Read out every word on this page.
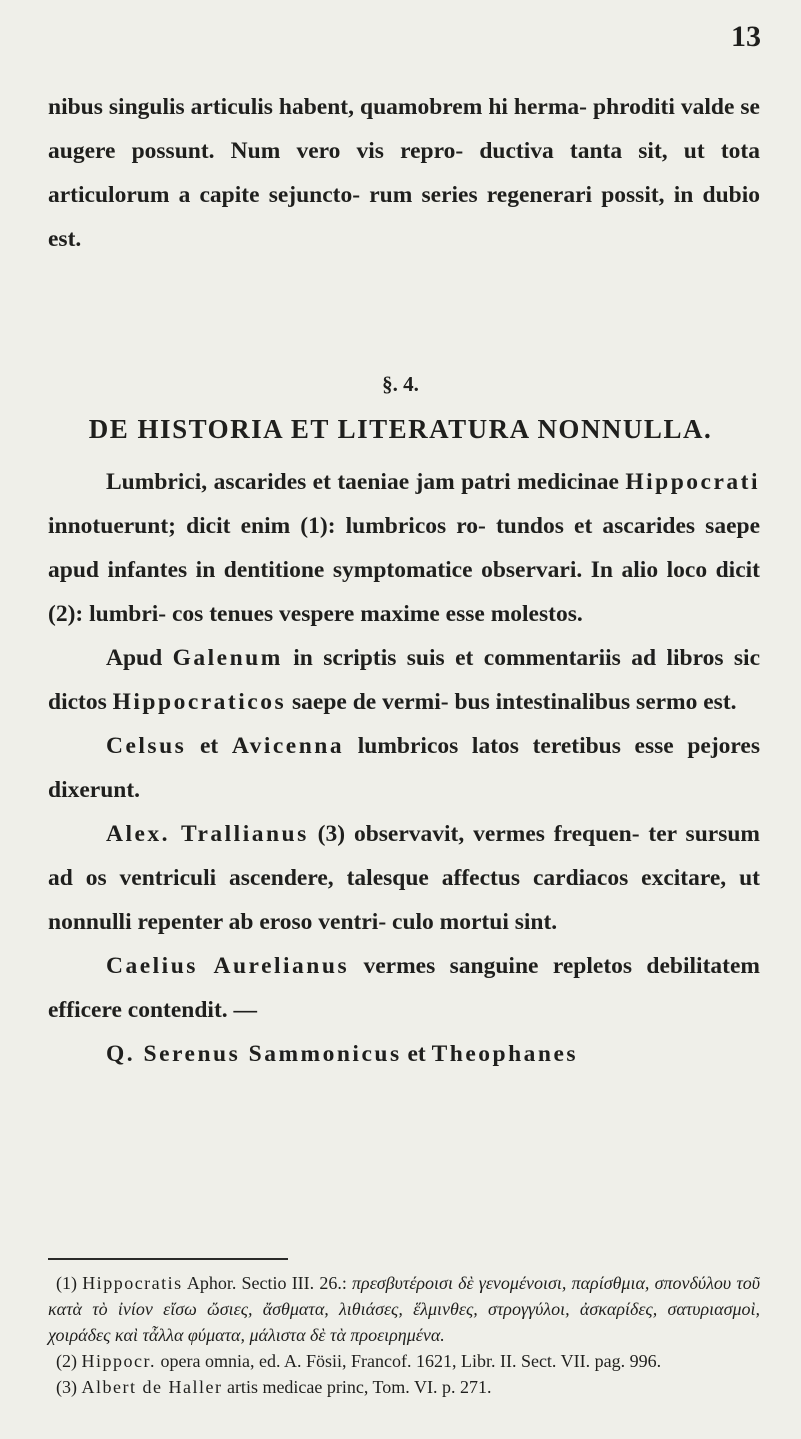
13

nibus singulis articulis habent, quamobrem hi herma- phroditi valde se augere possunt. Num vero vis repro- ductiva tanta sit, ut tota articulorum a capite sejuncto- rum series regenerari possit, in dubio est.

§. 4.
DE HISTORIA ET LITERATURA NONNULLA.

Lumbrici, ascarides et taeniae jam patri medicinae Hippocrati innotuerunt; dicit enim (1): lumbricos ro- tundos et ascarides saepe apud infantes in dentitione symptomatice observari. In alio loco dicit (2): lumbri- cos tenues vespere maxime esse molestos.

Apud Galenum in scriptis suis et commentariis ad libros sic dictos Hippocraticos saepe de vermi- bus intestinalibus sermo est.

Celsus et Avicenna lumbricos latos teretibus esse pejores dixerunt.

Alex. Trallianus (3) observavit, vermes frequen- ter sursum ad os ventriculi ascendere, talesque affectus cardiacos excitare, ut nonnulli repenter ab eroso ventri- culo mortui sint.

Caelius Aurelianus vermes sanguine repletos debilitatem efficere contendit. —

Q. Serenus Sammonicus et Theophanes

(1) Hippocratis Aphor. Sectio III. 26.: πρεσβυτέροισι δὲ γενομένοισι, παρίσθμια, σπονδύλου τοῦ κατὰ τὸ ἰνίον εἴσω ὤσιες, ἄσθματα, λιθιάσες, ἕλμινθες, στρογγύλοι, ἀσκαρίδες, σατυριασμοὶ, χοιράδες καὶ τἆλλα φύματα, μάλιστα δὲ τὰ προειρημένα.

(2) Hippocr. opera omnia, ed. A. Fösii, Francof. 1621, Libr. II. Sect. VII. pag. 996.

(3) Albert de Haller artis medicae princ, Tom. VI. p. 271.
